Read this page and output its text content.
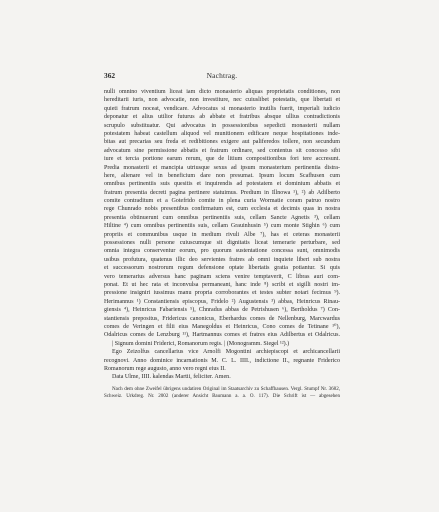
362	Nachtrag.
nulli omnino viventium liceat iam dicto monasterio aliquas proprietatis conditiones, non
hereditarii iuris, non advocatie, non investiture, nec cuiuslibet potestatis, que libertati et
quieti fratrum noceat, vendicare. Advocatus si monasterio inutilis fuerit, imperiali iudicio
deponatur et alius utilior futurus ab abbate et fratribus absque ullius contradictionis
scrupulo substituatur. Qui advocatus in possessionibus sepedicti monasterii nullam
potestatem habeat castellum aliquod vel munitionem edificare neque hospitationes inde-
bitas aut precarias seu freda et redibitiones exigere aut paliferedos tollere, non secundum
advocatum sine permissione abbatis et fratrum ordinare, sed contentus sit concesso sibi
iure et tercia portione earum rerum, que de litium compositionibus fori tere accresunt.
Predia monasterii et mancipia utriusque sexus ad ipsum monasterium pertinentia distra-
here, alienare vel in beneficium dare non presumat. Ipsum locum Scafhusen cum
omnibus pertinentiis suis quesitis et inquirendis ad potestatem et dominium abbatis et
fratrum presentia decreti pagina pertinere statuimus. Predium in Illnowa ¹), ²) ab Adilberto
comite contraditum et a Gotefrido comite in plena curia Wormatie coram patruo nostro
rege Chunrado nobis presentibus confirmatum est, cum ecclesia et decimis quas in nostra
presentia obtinuerunt cum omnibus pertinentiis suis, cellam Sancte Agnetis ³), cellam
Hiltine ⁴) cum omnibus pertinentiis suis, cellam Grauinhusin ⁵) cum monte Stighin ⁶) cum
propriis et communibus usque in medium rivuli Albe ⁷), has et ceteras monasterii
possessiones nulli persone cuiuscumque sit dignitatis liceat temerarie perturbare, sed
omnia integra conserventur eorum, pro quorum sustentatione concessa sunt, omnimodis
usibus profutura, quatenus illic deo servientes fratres ab omni inquiete liberi sub nostra
et successorum nostrorum regum defensione optate libertatis gratia potiantur. Si quis
vero temerarius adversus hanc paginam sciens venire temptaverit, C libras auri com-
ponat. Et ut hec rata et inconvulsa permaneant, hanc inde ⁸) scribi et sigilli nostri im-
pressione insigniri iussimus manu propria corroborantes et testes subter notari fecimus ⁹).
Herimannus ¹) Constantiensis episcopus, Fridelo ²) Augustensis ³) abbas, Heinricus Rinau-
giensis ⁴), Heinricus Fabariensis ⁵), Chnradus abbas de Petrishusen ⁶), Bertholdus ⁷) Con-
stantiensis prepositus, Fridericus canonicus, Eberhardus comes de Nellenburg, Marcwardus
comes de Veringen et filii eius Manegoldus et Heinricus, Cono comes de Tetinane ¹⁰),
Odalricus comes de Lenzburg ¹¹), Hartmannus comes et fratres eius Adilbertus et Odalricus.
| Signum domini Friderici, Romanorum regis. | (Monogramm. Siegel ¹²).)
Ego Zeizolfus cancellarius vice Arnolfi Mogontini archiepiscopi et archicancellarii
recognovi. Anno dominice incarnationis M. C. L. IIII., indictione II., regnante Friderico
Romanorum rege augusto, anno vero regni eius II.
Data Ulme, IIII. kalendas Martii, feliciter. Amen.
Nach dem ohne Zweifel übrigens undatiren Original im Staatsarchiv zu Schaffhausen. Vergl. Stumpf Nr. 3682,
Schweiz. Urkdreg. Nr. 2002 (anderer Ansicht Baumann a. a. O. 117). Die Schrift ist — abgesehen
